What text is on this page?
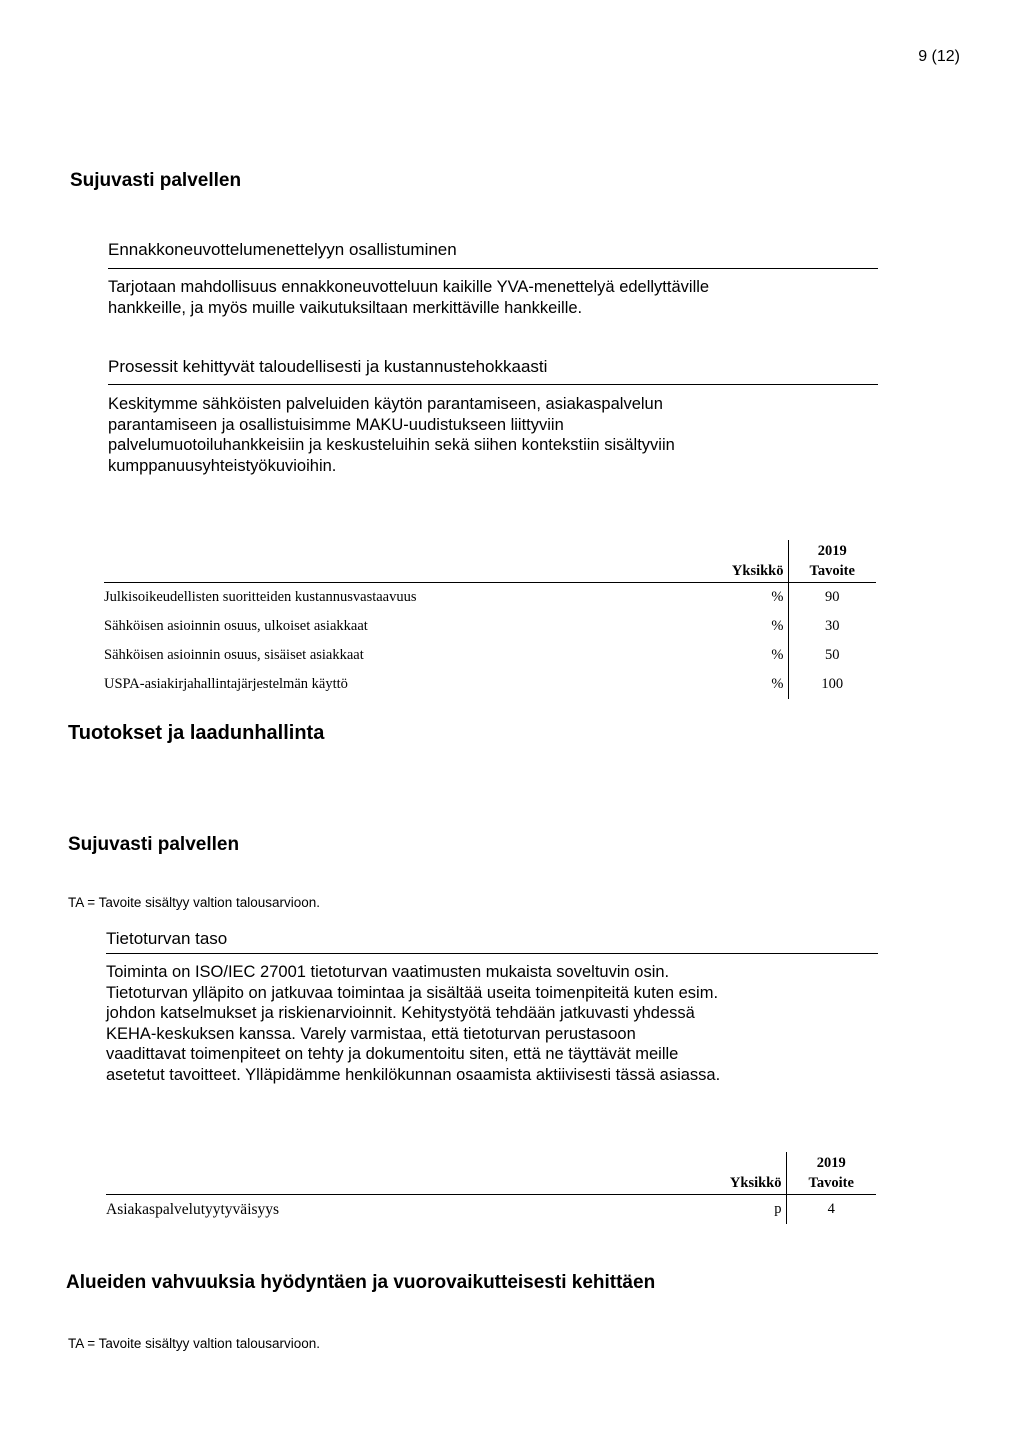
9 (12)
Sujuvasti palvellen
Ennakkoneuvottelumenettelyyn osallistuminen
Tarjotaan mahdollisuus ennakkoneuvotteluun kaikille YVA-menettelyä edellyttäville
hankkeille, ja myös muille vaikutuksiltaan merkittäville hankkeille.
Prosessit kehittyvät taloudellisesti ja kustannustehokkaasti
Keskitymme sähköisten palveluiden käytön parantamiseen, asiakaspalvelun
parantamiseen ja osallistuisimme MAKU-uudistukseen liittyviin
palvelumuotoiluhankkeisiin ja keskusteluihin sekä siihen kontekstiin sisältyviin
kumppanuusyhteistyökuvioihin.
		2019
	Yksikkö	Tavoite
Julkisoikeudellisten suoritteiden kustannusvastaavuus	%	90
Sähköisen asioinnin osuus, ulkoiset asiakkaat	%	30
Sähköisen asioinnin osuus, sisäiset asiakkaat	%	50
USPA-asiakirjahallintajärjestelmän käyttö	%	100
Tuotokset ja laadunhallinta
Sujuvasti palvellen
TA = Tavoite sisältyy valtion talousarvioon.
Tietoturvan taso
Toiminta on ISO/IEC 27001 tietoturvan vaatimusten mukaista soveltuvin osin.
Tietoturvan ylläpito on jatkuvaa toimintaa ja sisältää useita toimenpiteitä kuten esim.
johdon katselmukset ja riskienarvioinnit. Kehitystyötä tehdään jatkuvasti yhdessä
KEHA-keskuksen kanssa. Varely varmistaa, että tietoturvan perustasoon
vaadittavat toimenpiteet on tehty ja dokumentoitu siten, että ne täyttävät meille
asetetut tavoitteet. Ylläpidämme henkilökunnan osaamista aktiivisesti tässä asiassa.
		2019
	Yksikkö	Tavoite
Asiakaspalvelutyytyväisyys	p	4
Alueiden vahvuuksia hyödyntäen ja vuorovaikutteisesti kehittäen
TA = Tavoite sisältyy valtion talousarvioon.
